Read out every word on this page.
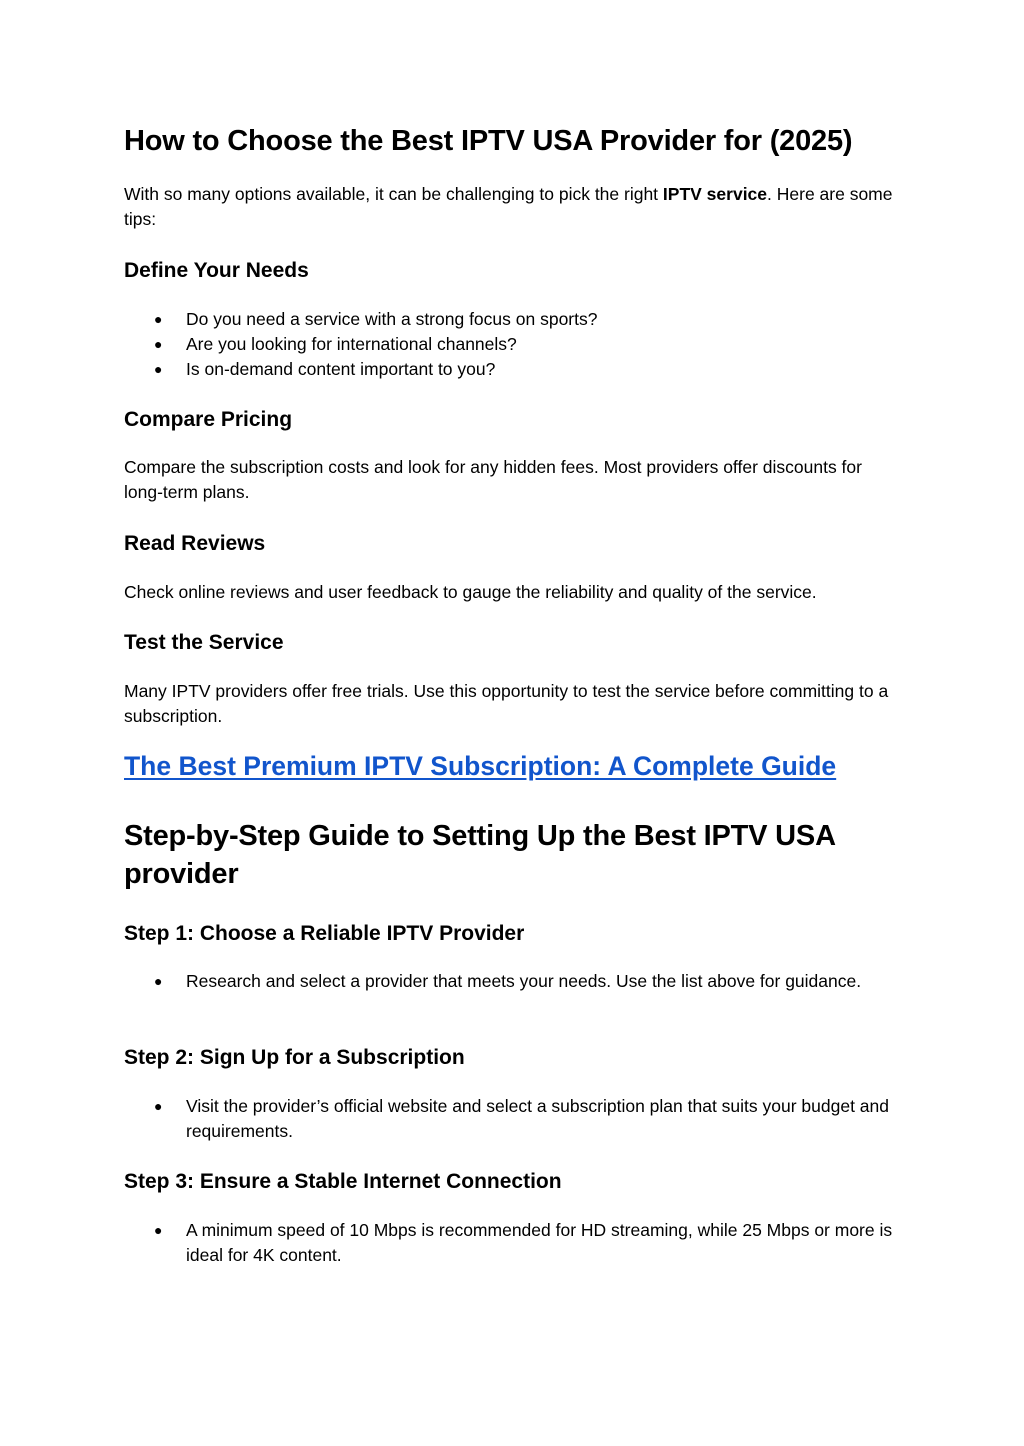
How to Choose the Best IPTV USA Provider for (2025)

With so many options available, it can be challenging to pick the right IPTV service. Here are some tips:

Define Your Needs
● Do you need a service with a strong focus on sports?
● Are you looking for international channels?
● Is on-demand content important to you?
Compare Pricing

Compare the subscription costs and look for any hidden fees. Most providers offer discounts for long-term plans.

Read Reviews

Check online reviews and user feedback to gauge the reliability and quality of the service.

Test the Service

Many IPTV providers offer free trials. Use this opportunity to test the service before committing to a subscription.

The Best Premium IPTV Subscription: A Complete Guide
Step-by-Step Guide to Setting Up the Best IPTV USA provider
Step 1: Choose a Reliable IPTV Provider
● Research and select a provider that meets your needs. Use the list above for guidance.
Step 2: Sign Up for a Subscription
● Visit the provider’s official website and select a subscription plan that suits your budget and requirements.
Step 3: Ensure a Stable Internet Connection
● A minimum speed of 10 Mbps is recommended for HD streaming, while 25 Mbps or more is ideal for 4K content.
